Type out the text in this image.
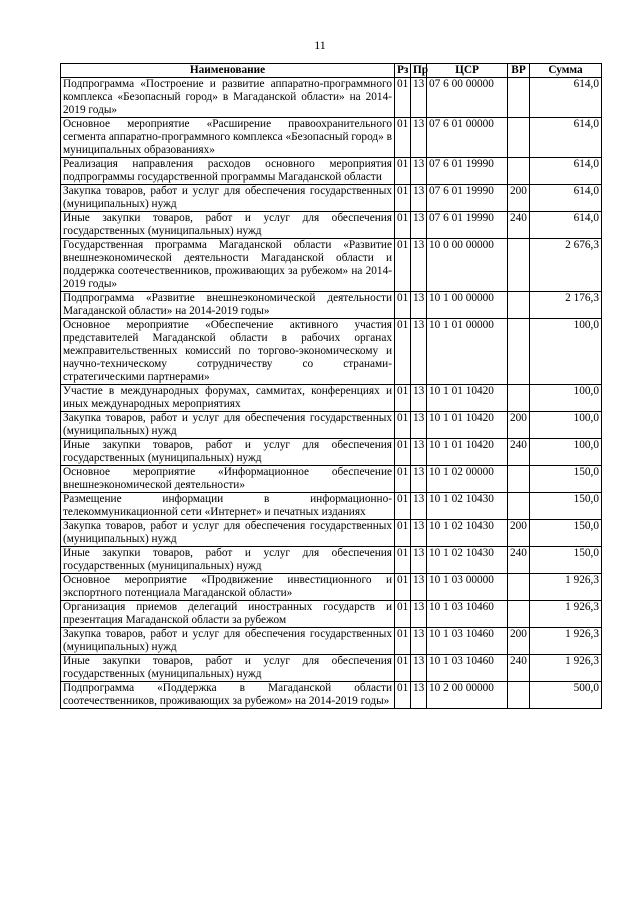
11
Наименование	Рз	Пр	ЦСР	ВР	Сумма
Подпрограмма «Построение и развитие аппаратно-программного комплекса «Безопасный город» в Магаданской области» на 2014-2019 годы»	01	13	07 6 00 00000		614,0
Основное мероприятие «Расширение правоохранительного сегмента аппаратно-программного комплекса «Безопасный город» в муниципальных образованиях»	01	13	07 6 01 00000		614,0
Реализация направления расходов основного мероприятия подпрограммы государственной программы Магаданской области	01	13	07 6 01 19990		614,0
Закупка товаров, работ и услуг для обеспечения государственных (муниципальных) нужд	01	13	07 6 01 19990	200	614,0
Иные закупки товаров, работ и услуг для обеспечения государственных (муниципальных) нужд	01	13	07 6 01 19990	240	614,0
Государственная программа Магаданской области «Развитие внешнеэкономической деятельности Магаданской области и поддержка соотечественников, проживающих за рубежом» на 2014-2019 годы»	01	13	10 0 00 00000		2 676,3
Подпрограмма «Развитие внешнеэкономической деятельности Магаданской области» на 2014-2019 годы»	01	13	10 1 00 00000		2 176,3
Основное мероприятие «Обеспечение активного участия представителей Магаданской области в рабочих органах межправительственных комиссий по торгово-экономическому и научно-техническому сотрудничеству со странами-стратегическими партнерами»	01	13	10 1 01 00000		100,0
Участие в международных форумах, саммитах, конференциях и иных международных мероприятиях	01	13	10 1 01 10420		100,0
Закупка товаров, работ и услуг для обеспечения государственных (муниципальных) нужд	01	13	10 1 01 10420	200	100,0
Иные закупки товаров, работ и услуг для обеспечения государственных (муниципальных) нужд	01	13	10 1 01 10420	240	100,0
Основное мероприятие «Информационное обеспечение внешнеэкономической деятельности»	01	13	10 1 02 00000		150,0
Размещение информации в информационно-телекоммуникационной сети «Интернет» и печатных изданиях	01	13	10 1 02 10430		150,0
Закупка товаров, работ и услуг для обеспечения государственных (муниципальных) нужд	01	13	10 1 02 10430	200	150,0
Иные закупки товаров, работ и услуг для обеспечения государственных (муниципальных) нужд	01	13	10 1 02 10430	240	150,0
Основное мероприятие «Продвижение инвестиционного и экспортного потенциала Магаданской области»	01	13	10 1 03 00000		1 926,3
Организация приемов делегаций иностранных государств и презентация Магаданской области за рубежом	01	13	10 1 03 10460		1 926,3
Закупка товаров, работ и услуг для обеспечения государственных (муниципальных) нужд	01	13	10 1 03 10460	200	1 926,3
Иные закупки товаров, работ и услуг для обеспечения государственных (муниципальных) нужд	01	13	10 1 03 10460	240	1 926,3
Подпрограмма «Поддержка в Магаданской области соотечественников, проживающих за рубежом» на 2014-2019 годы»	01	13	10 2 00 00000		500,0
